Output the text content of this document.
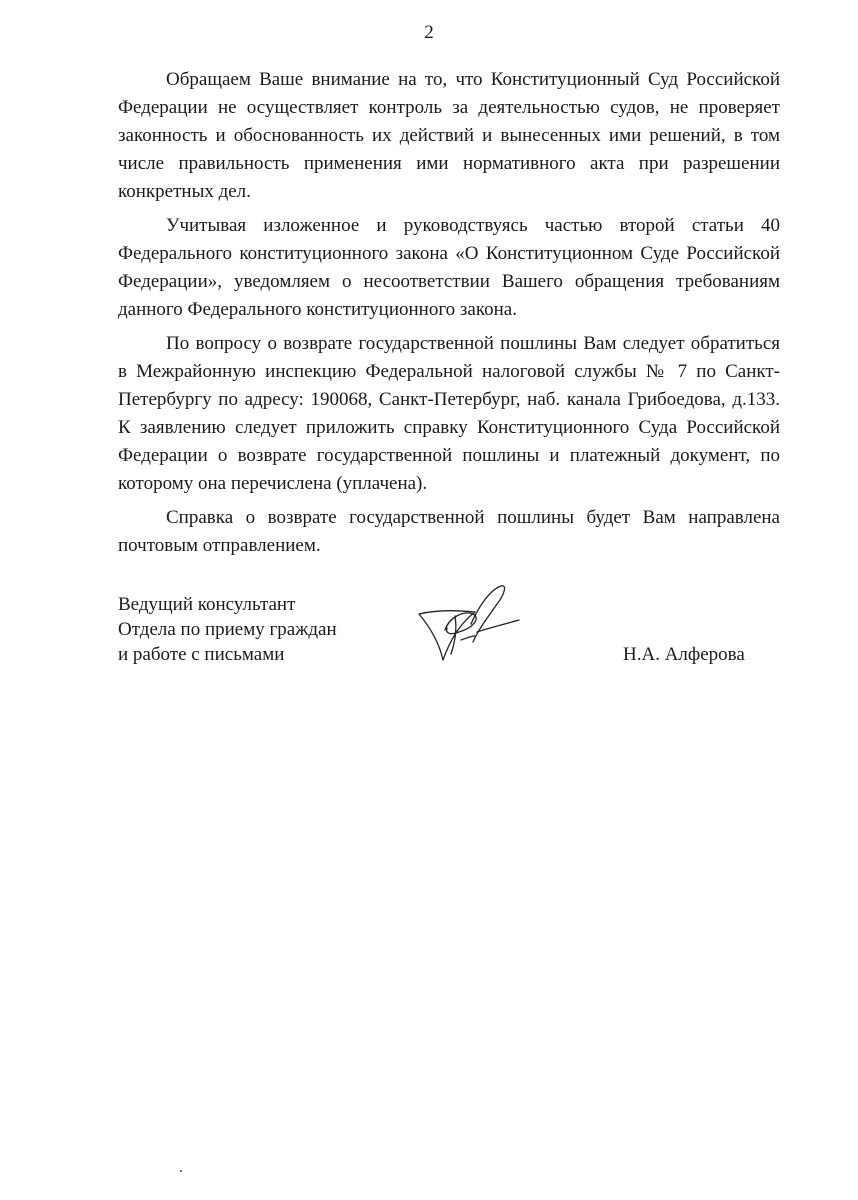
2

Обращаем Ваше внимание на то, что Конституционный Суд Российской Федерации не осуществляет контроль за деятельностью судов, не проверяет законность и обоснованность их действий и вынесенных ими решений, в том числе правильность применения ими нормативного акта при разрешении конкретных дел.

Учитывая изложенное и руководствуясь частью второй статьи 40 Федерального конституционного закона «О Конституционном Суде Российской Федерации», уведомляем о несоответствии Вашего обращения требованиям данного Федерального конституционного закона.

По вопросу о возврате государственной пошлины Вам следует обратиться в Межрайонную инспекцию Федеральной налоговой службы № 7 по Санкт-Петербургу по адресу: 190068, Санкт-Петербург, наб. канала Грибоедова, д.133. К заявлению следует приложить справку Конституционного Суда Российской Федерации о возврате государственной пошлины и платежный документ, по которому она перечислена (уплачена).

Справка о возврате государственной пошлины будет Вам направлена почтовым отправлением.

Ведущий консультант
Отдела по приему граждан
и работе с письмами	Н.А. Алферова
